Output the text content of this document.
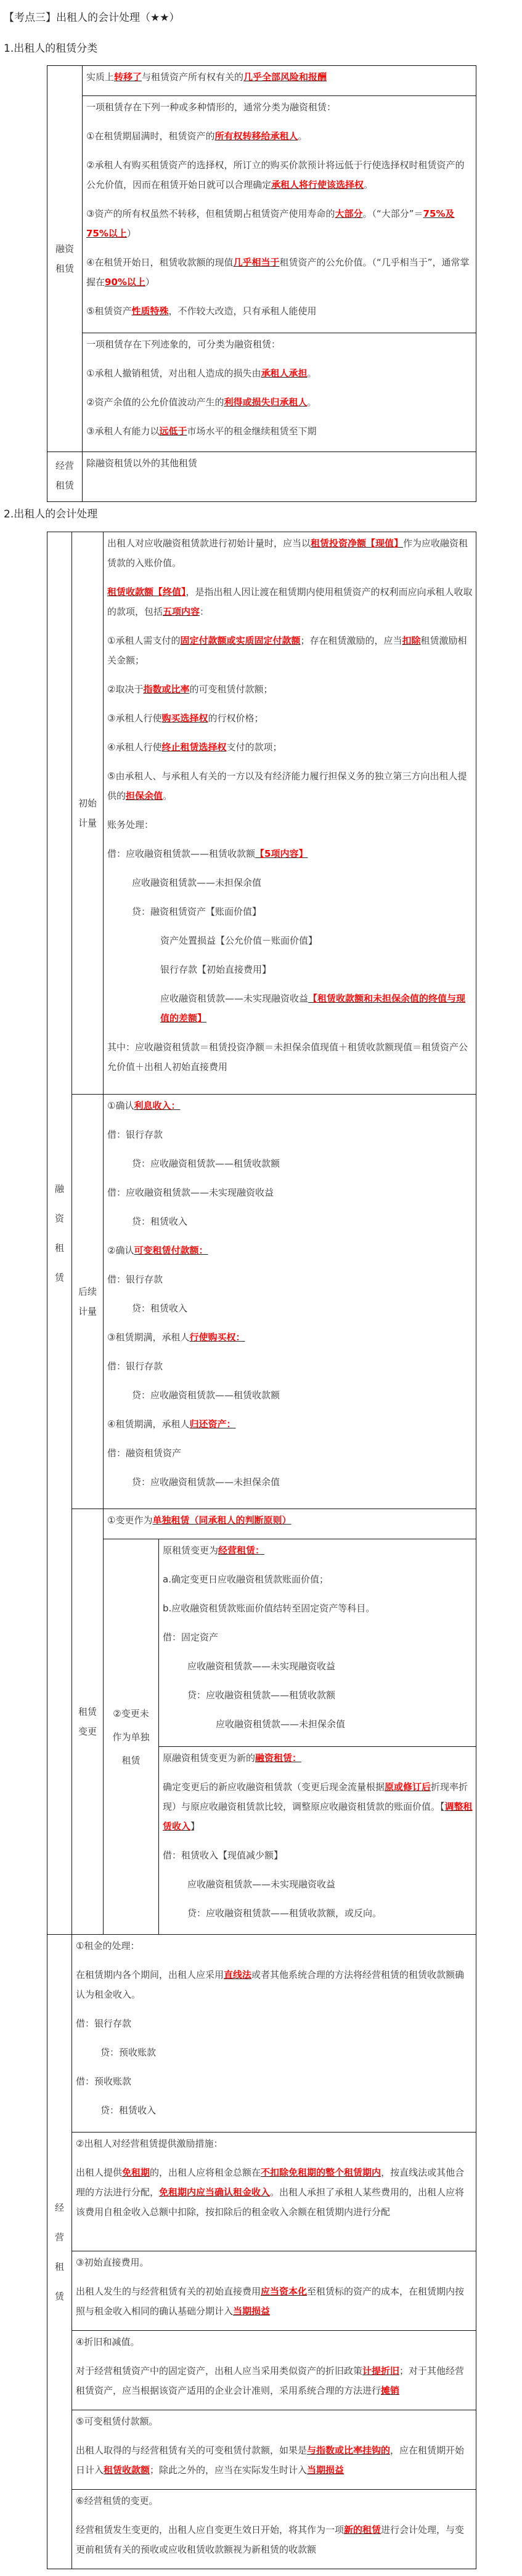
【考点三】出租人的会计处理（★★）
1.出租人的租赁分类
融资租赁
实质上转移了与租赁资产所有权有关的几乎全部风险和报酬
一项租赁存在下列一种或多种情形的，通常分类为融资租赁：
①在租赁期届满时，租赁资产的所有权转移给承租人。
②承租人有购买租赁资产的选择权，所订立的购买价款预计将远低于行使选择权时租赁资产的公允价值，因而在租赁开始日就可以合理确定承租人将行使该选择权。
③资产的所有权虽然不转移，但租赁期占租赁资产使用寿命的大部分。（“大部分”＝75%及75%以上）
④在租赁开始日，租赁收款额的现值几乎相当于租赁资产的公允价值。（“几乎相当于”，通常掌握在90%以上）
⑤租赁资产性质特殊，不作较大改造，只有承租人能使用
一项租赁存在下列迹象的，可分类为融资租赁：
①承租人撤销租赁，对出租人造成的损失由承租人承担。
②资产余值的公允价值波动产生的利得或损失归承租人。
③承租人有能力以远低于市场水平的租金继续租赁至下期
经营租赁
除融资租赁以外的其他租赁
2.出租人的会计处理
融资租赁
初始计量
出租人对应收融资租赁款进行初始计量时，应当以租赁投资净额【现值】作为应收融资租赁款的入账价值。
租赁收款额【终值】，是指出租人因让渡在租赁期内使用租赁资产的权利而应向承租人收取的款项，包括五项内容：
①承租人需支付的固定付款额或实质固定付款额；存在租赁激励的，应当扣除租赁激励相关金额；
②取决于指数或比率的可变租赁付款额；
③承租人行使购买选择权的行权价格；
④承租人行使终止租赁选择权支付的款项；
⑤由承租人、与承租人有关的一方以及有经济能力履行担保义务的独立第三方向出租人提供的担保余值。
账务处理：
借：应收融资租赁款——租赁收款额【5项内容】
应收融资租赁款——未担保余值
贷：融资租赁资产【账面价值】
资产处置损益【公允价值－账面价值】
银行存款【初始直接费用】
应收融资租赁款——未实现融资收益【租赁收款额和未担保余值的终值与现值的差额】
其中：应收融资租赁款＝租赁投资净额＝未担保余值现值＋租赁收款额现值＝租赁资产公允价值＋出租人初始直接费用
后续计量
①确认利息收入：
借：银行存款
贷：应收融资租赁款——租赁收款额
借：应收融资租赁款——未实现融资收益
贷：租赁收入
②确认可变租赁付款额：
借：银行存款
贷：租赁收入
③租赁期满，承租人行使购买权：
借：银行存款
贷：应收融资租赁款——租赁收款额
④租赁期满，承租人归还资产：
借：融资租赁资产
贷：应收融资租赁款——未担保余值
租赁变更
①变更作为单独租赁（同承租人的判断原则）
②变更未
作为单独
租赁
原租赁变更为经营租赁：
a.确定变更日应收融资租赁款账面价值；
b.应收融资租赁款账面价值结转至固定资产等科目。
借：固定资产
应收融资租赁款——未实现融资收益
贷：应收融资租赁款——租赁收款额
应收融资租赁款——未担保余值
原融资租赁变更为新的融资租赁：
确定变更后的新应收融资租赁款（变更后现金流量根据原或修订后折现率折现）与原应收融资租赁款比较，调整原应收融资租赁款的账面价值。【调整租赁收入】
借：租赁收入【现值减少额】
应收融资租赁款——未实现融资收益
贷：应收融资租赁款——租赁收款额，或反向。
经营租赁
①租金的处理：
在租赁期内各个期间，出租人应采用直线法或者其他系统合理的方法将经营租赁的租赁收款额确认为租金收入。
借：银行存款
贷：预收账款
借：预收账款
贷：租赁收入
②出租人对经营租赁提供激励措施：
出租人提供免租期的，出租人应将租金总额在不扣除免租期的整个租赁期内，按直线法或其他合理的方法进行分配，免租期内应当确认租金收入。出租人承担了承租人某些费用的，出租人应将该费用自租金收入总额中扣除，按扣除后的租金收入余额在租赁期内进行分配
③初始直接费用。
出租人发生的与经营租赁有关的初始直接费用应当资本化至租赁标的资产的成本，在租赁期内按照与租金收入相同的确认基础分期计入当期损益
④折旧和减值。
对于经营租赁资产中的固定资产，出租人应当采用类似资产的折旧政策计提折旧；对于其他经营租赁资产，应当根据该资产适用的企业会计准则，采用系统合理的方法进行摊销
⑤可变租赁付款额。
出租人取得的与经营租赁有关的可变租赁付款额，如果是与指数或比率挂钩的，应在租赁期开始日计入租赁收款额；除此之外的，应当在实际发生时计入当期损益
⑥经营租赁的变更。
经营租赁发生变更的，出租人应自变更生效日开始，将其作为一项新的租赁进行会计处理，与变更前租赁有关的预收或应收租赁收款额视为新租赁的收款额
